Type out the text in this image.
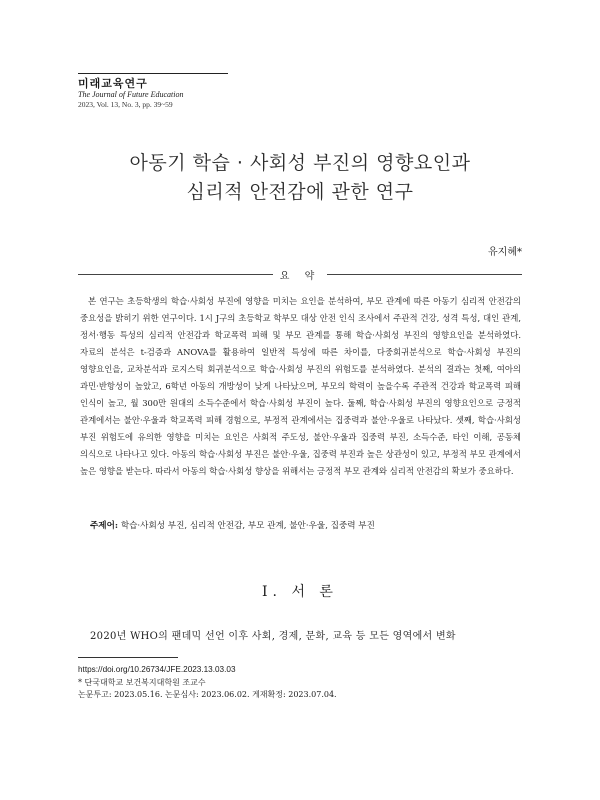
미래교육연구
The Journal of Future Education
2023, Vol. 13, No. 3, pp. 39~59
아동기 학습 · 사회성 부진의 영향요인과
심리적 안전감에 관한 연구
유지혜*
요 약
본 연구는 초등학생의 학습·사회성 부진에 영향을 미치는 요인을 분석하여, 부모 관계에 따른 아동기 심리적 안전감의 중요성을 밝히기 위한 연구이다. 1시 J구의 초등학교 학부모 대상 안전 인식 조사에서 주관적 건강, 성격 특성, 대인 관계, 정서·행동 특성의 심리적 안전감과 학교폭력 피해 및 부모 관계를 통해 학습·사회성 부진의 영향요인을 분석하였다. 자료의 분석은 t-검증과 ANOVA를 활용하여 일반적 특성에 따른 차이를, 다중회귀분석으로 학습·사회성 부진의 영향요인을, 교차분석과 로지스틱 회귀분석으로 학습·사회성 부진의 위험도를 분석하였다. 분석의 결과는 첫째, 여아의 과민·반항성이 높았고, 6학년 아동의 개방성이 낮게 나타났으며, 부모의 학력이 높을수록 주관적 건강과 학교폭력 피해 인식이 높고, 월 300만 원대의 소득수준에서 학습·사회성 부진이 높다. 둘째, 학습·사회성 부진의 영향요인으로 긍정적 관계에서는 불안·우울과 학교폭력 피해 경험으로, 부정적 관계에서는 집중력과 불안·우울로 나타났다. 셋째, 학습·사회성 부진 위험도에 유의한 영향을 미치는 요인은 사회적 주도성, 불안·우울과 집중력 부진, 소득수준, 타인 이해, 공동체 의식으로 나타나고 있다. 아동의 학습·사회성 부진은 불안·우울, 집중력 부진과 높은 상관성이 있고, 부정적 부모 관계에서 높은 영향을 받는다. 따라서 아동의 학습·사회성 향상을 위해서는 긍정적 부모 관계와 심리적 안전감의 확보가 중요하다.
주제어: 학습·사회성 부진, 심리적 안전감, 부모 관계, 불안·우울, 집중력 부진
Ⅰ. 서 론
2020년 WHO의 팬데믹 선언 이후 사회, 경제, 문화, 교육 등 모든 영역에서 변화
https://doi.org/10.26734/JFE.2023.13.03.03
* 단국대학교 보건복지대학원 조교수
논문투고: 2023.05.16. 논문심사: 2023.06.02. 게재확정: 2023.07.04.
